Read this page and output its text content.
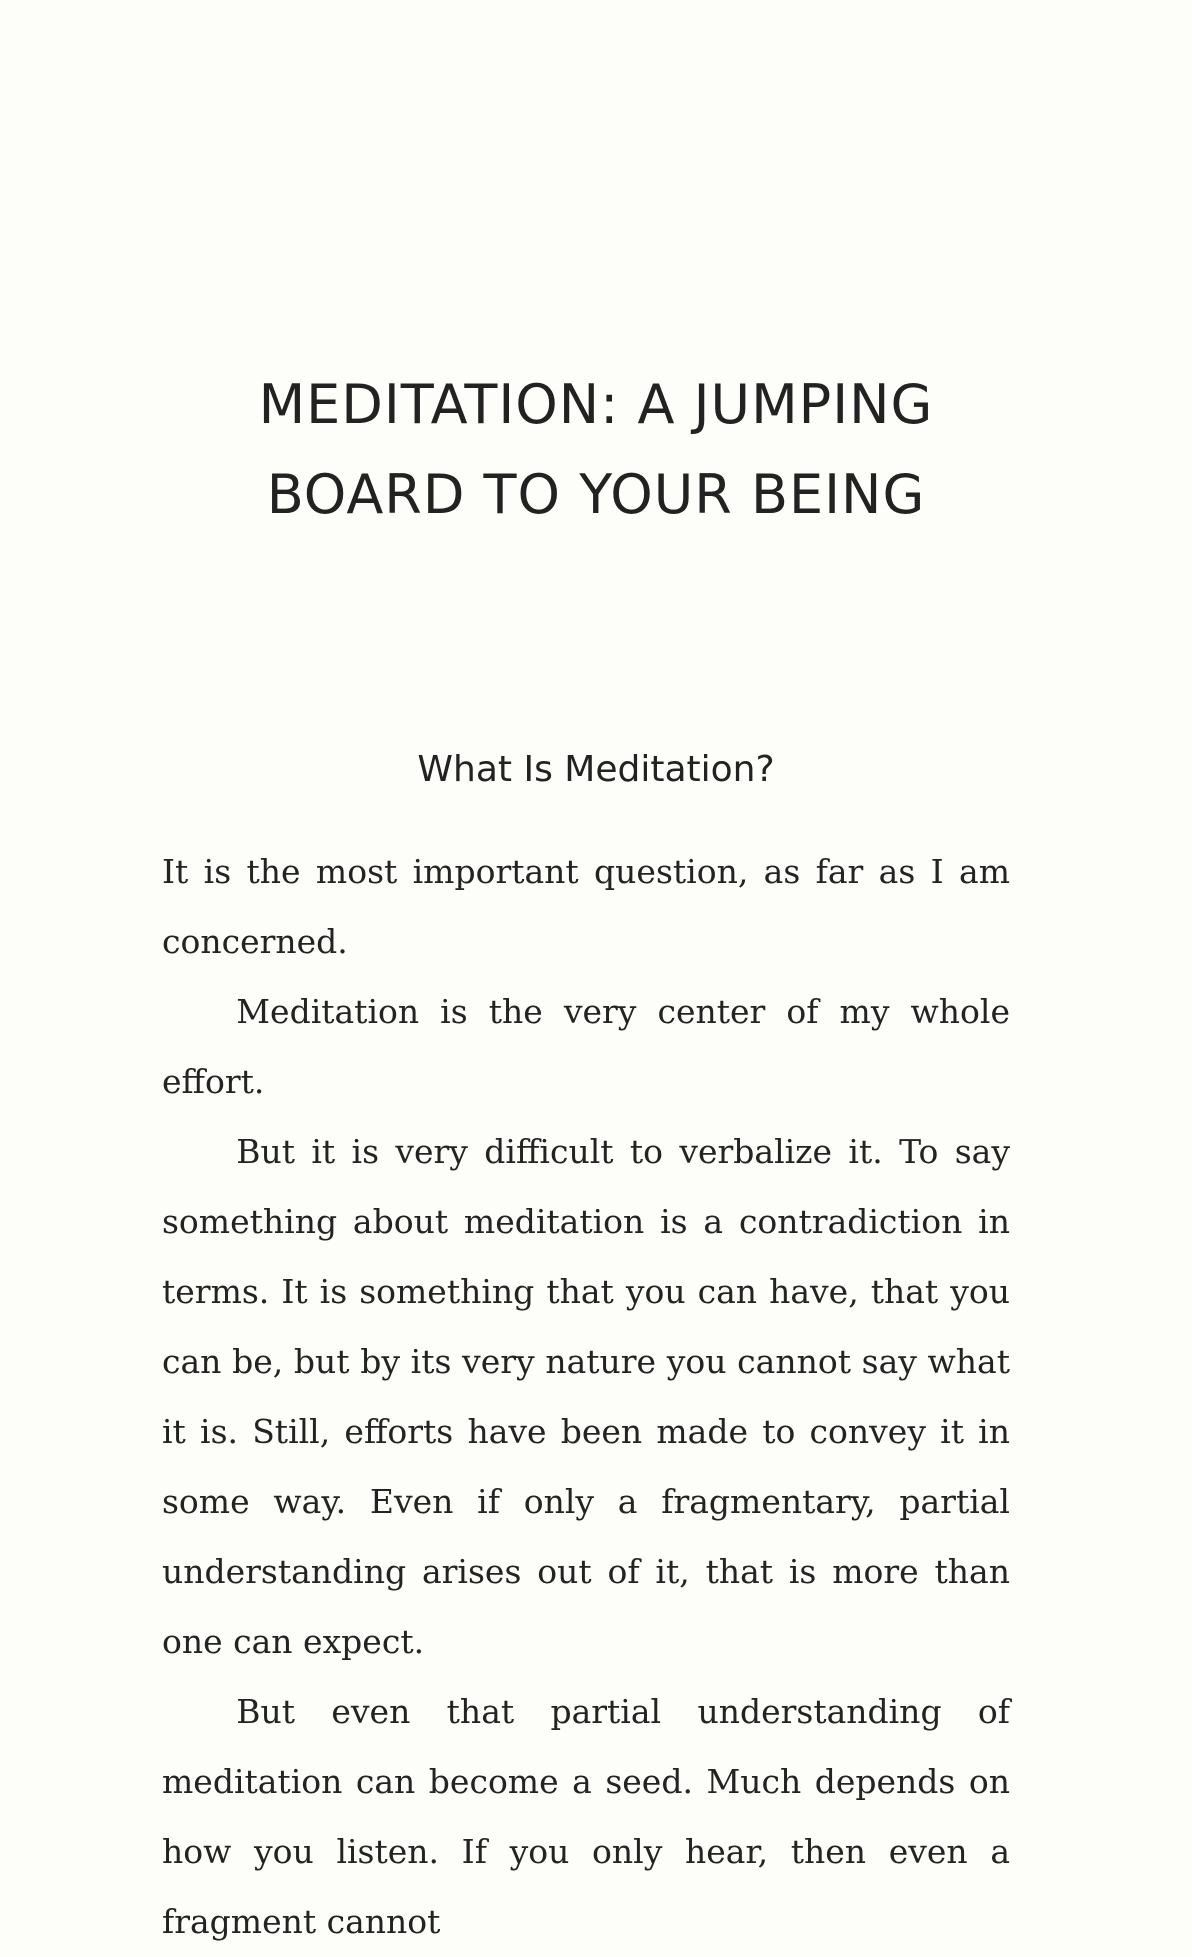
MEDITATION: A JUMPING
BOARD TO YOUR BEING
What Is Meditation?

It is the most important question, as far as I am concerned.

Meditation is the very center of my whole effort.

But it is very difficult to verbalize it. To say something about meditation is a contradiction in terms. It is something that you can have, that you can be, but by its very nature you cannot say what it is. Still, efforts have been made to convey it in some way. Even if only a fragmentary, partial understanding arises out of it, that is more than one can expect.

But even that partial understanding of meditation can become a seed. Much depends on how you listen. If you only hear, then even a fragment cannot
